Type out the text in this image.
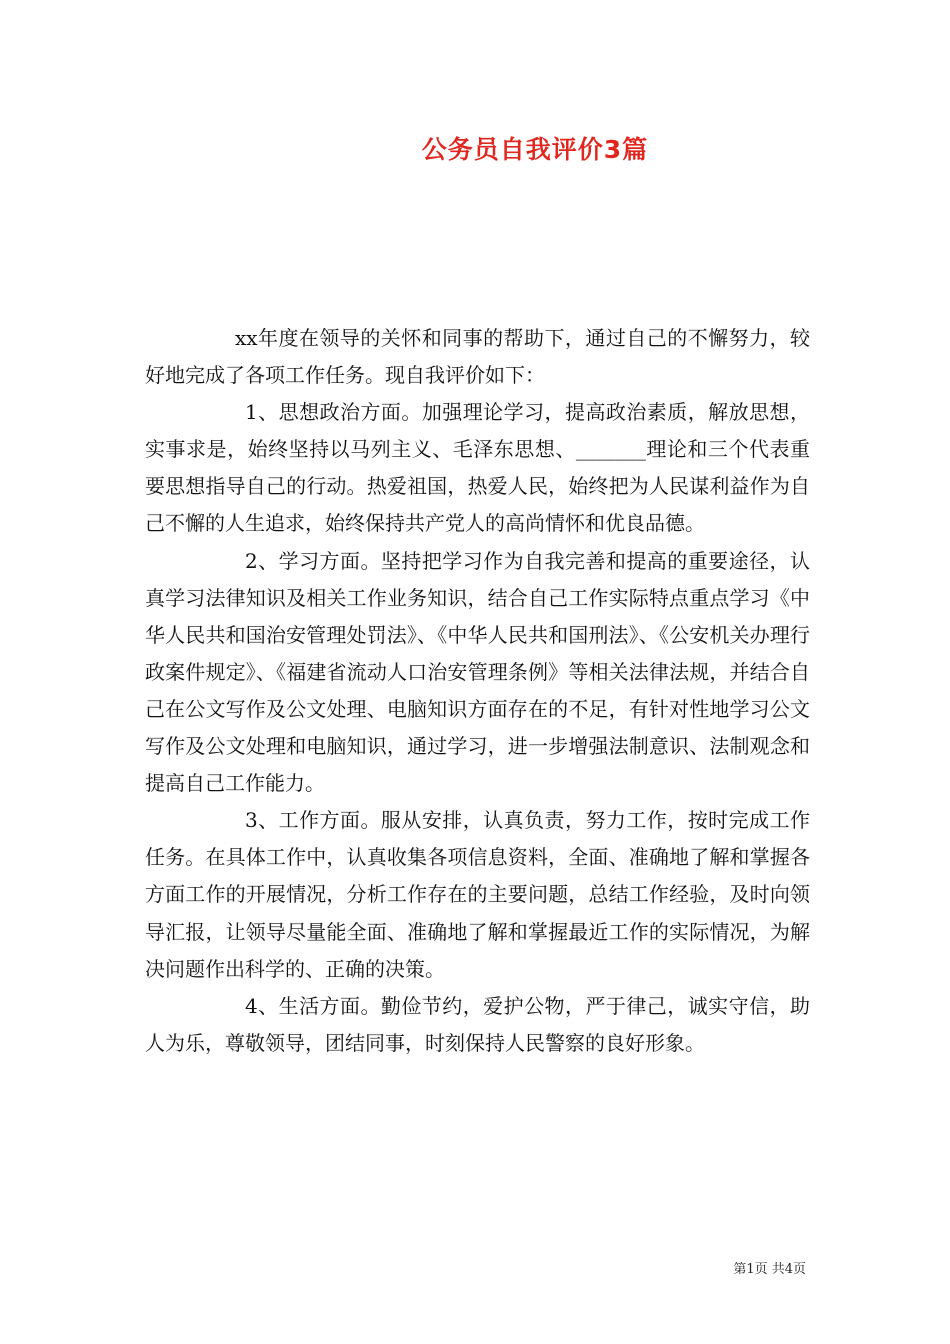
公务员自我评价3篇

xx年度在领导的关怀和同事的帮助下，通过自己的不懈努力，较好地完成了各项工作任务。现自我评价如下：

1、思想政治方面。加强理论学习，提高政治素质，解放思想，实事求是，始终坚持以马列主义、毛泽东思想、_______理论和三个代表重要思想指导自己的行动。热爱祖国，热爱人民，始终把为人民谋利益作为自己不懈的人生追求，始终保持共产党人的高尚情怀和优良品德。

2、学习方面。坚持把学习作为自我完善和提高的重要途径，认真学习法律知识及相关工作业务知识，结合自己工作实际特点重点学习《中华人民共和国治安管理处罚法》、《中华人民共和国刑法》、《公安机关办理行政案件规定》、《福建省流动人口治安管理条例》等相关法律法规，并结合自己在公文写作及公文处理、电脑知识方面存在的不足，有针对性地学习公文写作及公文处理和电脑知识，通过学习，进一步增强法制意识、法制观念和提高自己工作能力。

3、工作方面。服从安排，认真负责，努力工作，按时完成工作任务。在具体工作中，认真收集各项信息资料，全面、准确地了解和掌握各方面工作的开展情况，分析工作存在的主要问题，总结工作经验，及时向领导汇报，让领导尽量能全面、准确地了解和掌握最近工作的实际情况，为解决问题作出科学的、正确的决策。

4、生活方面。勤俭节约，爱护公物，严于律己，诚实守信，助人为乐，尊敬领导，团结同事，时刻保持人民警察的良好形象。

第1页 共4页
